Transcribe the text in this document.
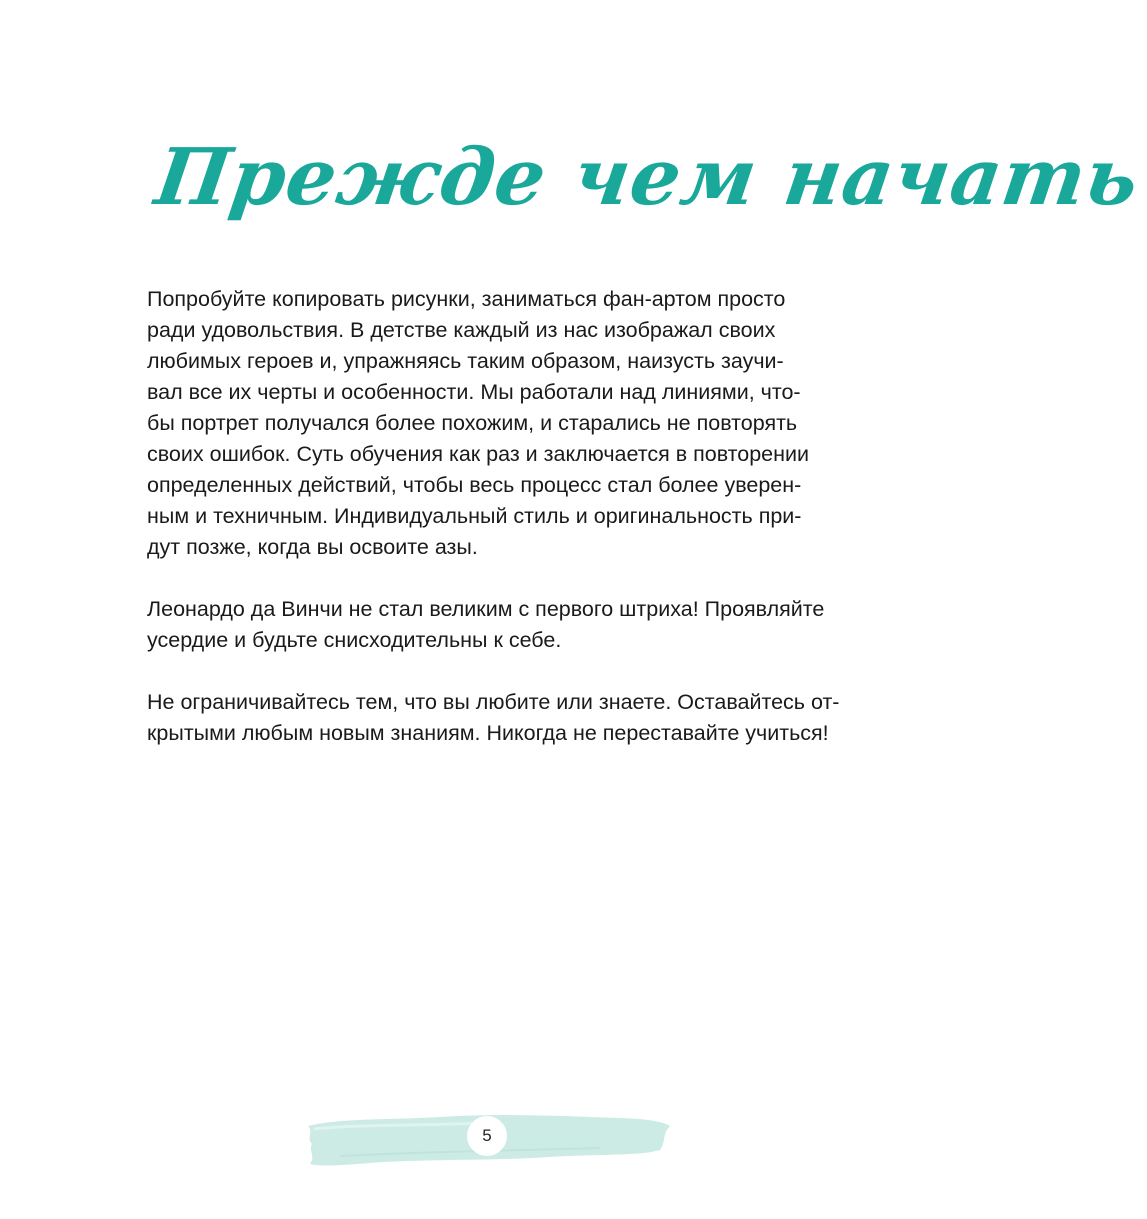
Прежде чем начать

Попробуйте копировать рисунки, заниматься фан-артом просто
ради удовольствия. В детстве каждый из нас изображал своих
любимых героев и, упражняясь таким образом, наизусть заучи-
вал все их черты и особенности. Мы работали над линиями, что-
бы портрет получался более похожим, и старались не повторять
своих ошибок. Суть обучения как раз и заключается в повторении
определенных действий, чтобы весь процесс стал более уверен-
ным и техничным. Индивидуальный стиль и оригинальность при-
дут позже, когда вы освоите азы.

Леонардо да Винчи не стал великим с первого штриха! Проявляйте
усердие и будьте снисходительны к себе.

Не ограничивайтесь тем, что вы любите или знаете. Оставайтесь от-
крытыми любым новым знаниям. Никогда не переставайте учиться!

5
